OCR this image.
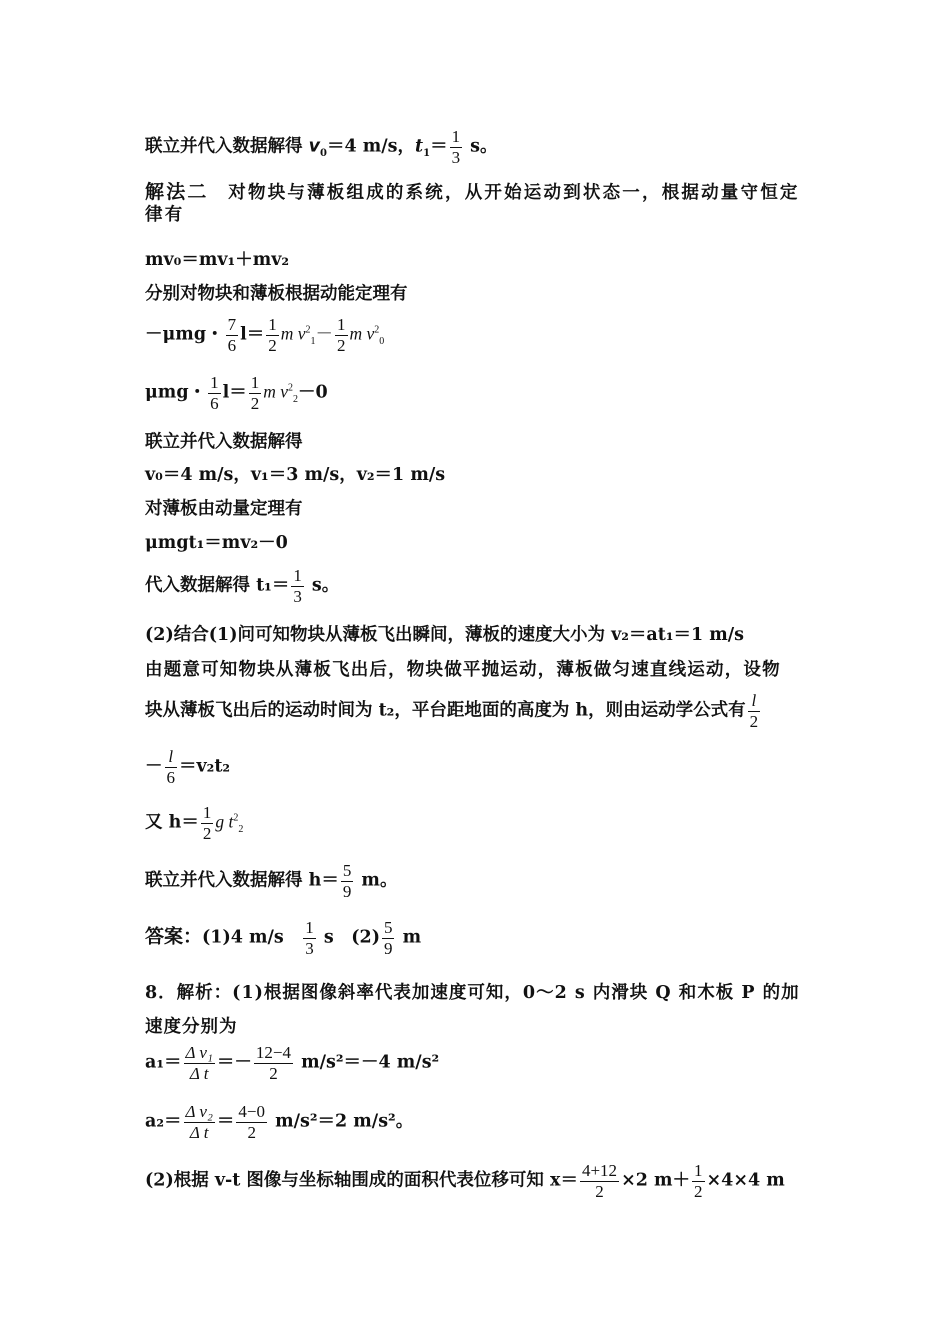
联立并代入数据解得 $v_0=4$ m/s，$t_1= \frac{1}{3}$ s。
解法二　对物块与薄板组成的系统，从开始运动到状态一，根据动量守恒定律有
mv₀＝mv₁＋mv₂
分别对物块和薄板根据动能定理有
－μmg・ $\frac{7}{6} l= \frac{1}{2}$ m $v^2_1- \frac{1}{2}$ m $v^2_0$
μmg・ $\frac{1}{6} l= \frac{1}{2}$ m $v^2_2-0$
联立并代入数据解得
v₀＝4 m/s，v₁＝3 m/s，v₂＝1 m/s
对薄板由动量定理有
μmgt₁＝mv₂－0
代入数据解得 $t_1= \frac{1}{3}$ s。
(2)结合(1)问可知物块从薄板飞出瞬间，薄板的速度大小为 v₂＝at₁＝1 m/s
由题意可知物块从薄板飞出后，物块做平抛运动，薄板做匀速直线运动，设物
块从薄板飞出后的运动时间为 t₂，平台距地面的高度为 h，则由运动学公式有 $\frac{l}{2}$
－ $\frac{l}{6} =v_2t_2$
又 $h= \frac{1}{2}$ g $t^2_2$
联立并代入数据解得 $h= \frac{5}{9}$ m。
答案：(1)4 m/s　 $\frac{1}{3}$ s　$(2) \frac{5}{9}$ m
8．解析：(1)根据图像斜率代表加速度可知，0～2 s 内滑块 Q 和木板 P 的加速度分别为
$a_1= \frac{\text{Δ v₁}}{\text{Δ t}} =- \frac{12-4}{2} m/s^2=-4$ m/s²
$a_2= \frac{\text{Δ v₂}}{\text{Δ t}} = \frac{4-0}{2} m/s^2=2$ m/s²。
(2)根据 v-t 图像与坐标轴围成的面积代表位移可知 $x= \frac{4+12}{2} \times 2$ $m+ \frac{1}{2} \times 4\times 4$ m
